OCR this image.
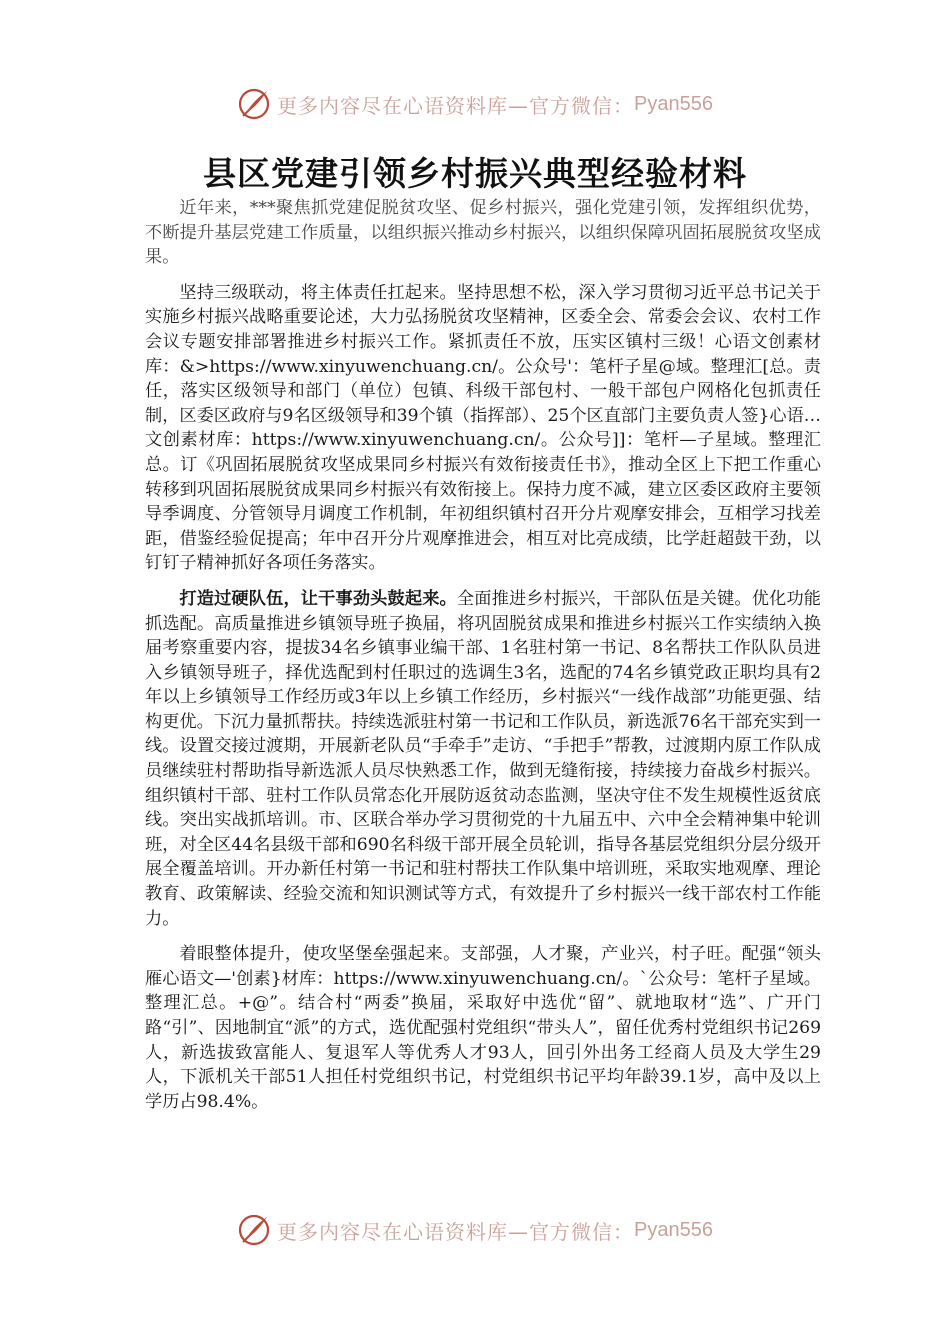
更多内容尽在心语资料库—官方微信： Pyan556
县区党建引领乡村振兴典型经验材料

近年来，***聚焦抓党建促脱贫攻坚、促乡村振兴，强化党建引领，发挥组织优势，不断提升基层党建工作质量，以组织振兴推动乡村振兴，以组织保障巩固拓展脱贫攻坚成果。

坚持三级联动，将主体责任扛起来。坚持思想不松，深入学习贯彻习近平总书记关于实施乡村振兴战略重要论述，大力弘扬脱贫攻坚精神，区委全会、常委会会议、农村工作会议专题安排部署推进乡村振兴工作。紧抓责任不放，压实区镇村三级！心语文创素材库：&>https://www.xinyuwenchuang.cn/。公众号'：笔杆子星@域。整理汇[总。责任，落实区级领导和部门（单位）包镇、科级干部包村、一般干部包户网格化包抓责任制，区委区政府与9名区级领导和39个镇（指挥部）、25个区直部门主要负责人签}心语…文创素材库：https://www.xinyuwenchuang.cn/。公众号]]：笔杆—子星域。整理汇总。订《巩固拓展脱贫攻坚成果同乡村振兴有效衔接责任书》，推动全区上下把工作重心转移到巩固拓展脱贫成果同乡村振兴有效衔接上。保持力度不减，建立区委区政府主要领导季调度、分管领导月调度工作机制，年初组织镇村召开分片观摩安排会，互相学习找差距，借鉴经验促提高；年中召开分片观摩推进会，相互对比亮成绩，比学赶超鼓干劲，以钉钉子精神抓好各项任务落实。

打造过硬队伍，让干事劲头鼓起来。全面推进乡村振兴，干部队伍是关键。优化功能抓选配。高质量推进乡镇领导班子换届，将巩固脱贫成果和推进乡村振兴工作实绩纳入换届考察重要内容，提拔34名乡镇事业编干部、1名驻村第一书记、8名帮扶工作队队员进入乡镇领导班子，择优选配到村任职过的选调生3名，选配的74名乡镇党政正职均具有2年以上乡镇领导工作经历或3年以上乡镇工作经历，乡村振兴“一线作战部”功能更强、结构更优。下沉力量抓帮扶。持续选派驻村第一书记和工作队员，新选派76名干部充实到一线。设置交接过渡期，开展新老队员“手牵手”走访、“手把手”帮教，过渡期内原工作队成员继续驻村帮助指导新选派人员尽快熟悉工作，做到无缝衔接，持续接力奋战乡村振兴。组织镇村干部、驻村工作队员常态化开展防返贫动态监测，坚决守住不发生规模性返贫底线。突出实战抓培训。市、区联合举办学习贯彻党的十九届五中、六中全会精神集中轮训班，对全区44名县级干部和690名科级干部开展全员轮训，指导各基层党组织分层分级开展全覆盖培训。开办新任村第一书记和驻村帮扶工作队集中培训班，采取实地观摩、理论教育、政策解读、经验交流和知识测试等方式，有效提升了乡村振兴一线干部农村工作能力。

着眼整体提升，使攻坚堡垒强起来。支部强，人才聚，产业兴，村子旺。配强“领头雁心语文—'创素}材库：https://www.xinyuwenchuang.cn/。`公众号：笔杆子星域。整理汇总。+@”。结合村“两委”换届，采取好中选优“留”、就地取材“选”、广开门路“引”、因地制宜“派”的方式，选优配强村党组织“带头人”，留任优秀村党组织书记269人，新选拔致富能人、复退军人等优秀人才93人，回引外出务工经商人员及大学生29人，下派机关干部51人担任村党组织书记，村党组织书记平均年龄39.1岁，高中及以上学历占98.4%。

更多内容尽在心语资料库—官方微信： Pyan556
